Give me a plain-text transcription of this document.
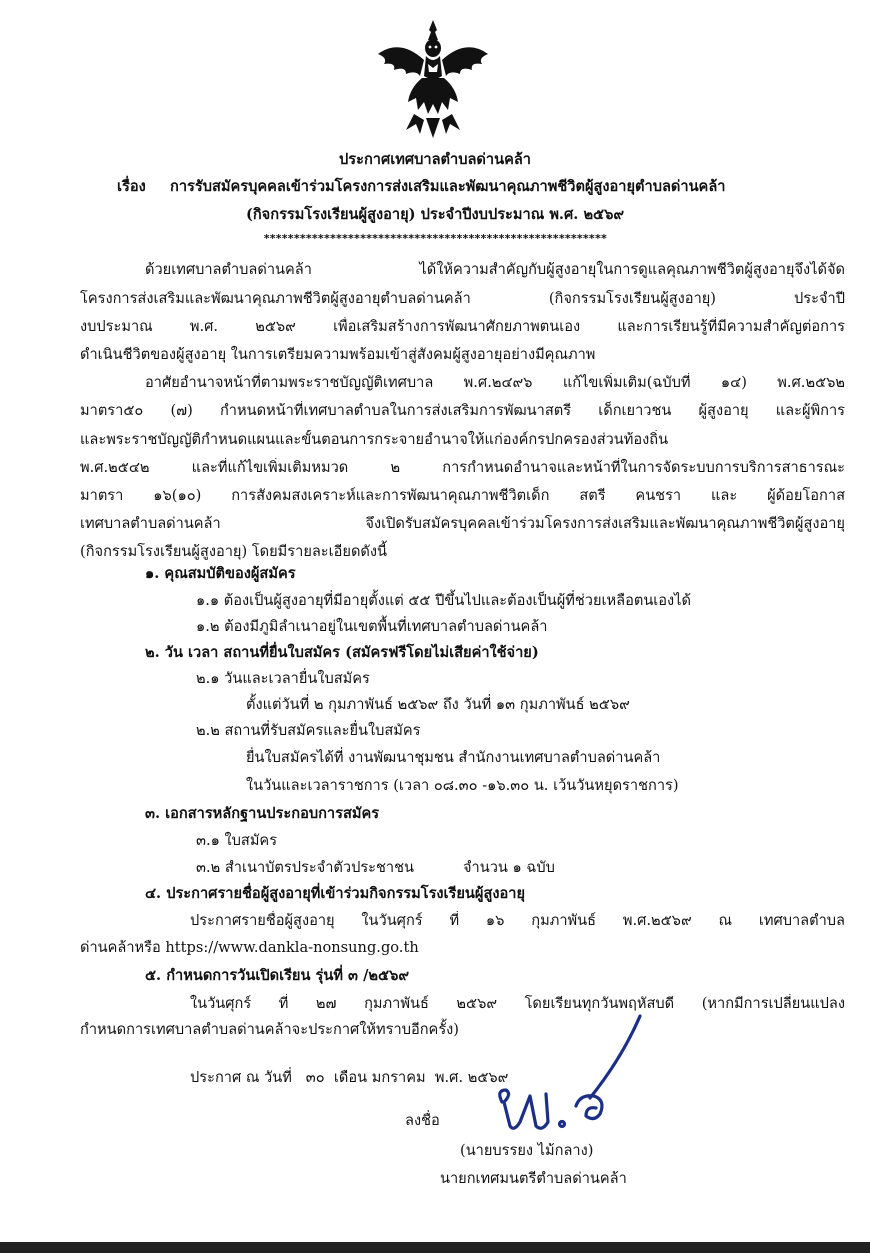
ประกาศเทศบาลตำบลด่านคล้า
เรื่อง การรับสมัครบุคคลเข้าร่วมโครงการส่งเสริมและพัฒนาคุณภาพชีวิตผู้สูงอายุตำบลด่านคล้า
(กิจกรรมโรงเรียนผู้สูงอายุ) ประจำปีงบประมาณ พ.ศ. ๒๕๖๙
*********************************************************
ด้วยเทศบาลตำบลด่านคล้า ได้ให้ความสำคัญกับผู้สูงอายุในการดูแลคุณภาพชีวิตผู้สูงอายุจึงได้จัด
โครงการส่งเสริมและพัฒนาคุณภาพชีวิตผู้สูงอายุตำบลด่านคล้า (กิจกรรมโรงเรียนผู้สูงอายุ) ประจำปี
งบประมาณ พ.ศ. ๒๕๖๙ เพื่อเสริมสร้างการพัฒนาศักยภาพตนเอง และการเรียนรู้ที่มีความสำคัญต่อการ
ดำเนินชีวิตของผู้สูงอายุ ในการเตรียมความพร้อมเข้าสู่สังคมผู้สูงอายุอย่างมีคุณภาพ
อาศัยอำนาจหน้าที่ตามพระราชบัญญัติเทศบาล พ.ศ.๒๔๙๖ แก้ไขเพิ่มเติม(ฉบับที่ ๑๔) พ.ศ.๒๕๖๒
มาตรา๕๐ (๗) กำหนดหน้าที่เทศบาลตำบลในการส่งเสริมการพัฒนาสตรี เด็กเยาวชน ผู้สูงอายุ และผู้พิการ
และพระราชบัญญัติกำหนดแผนและขั้นตอนการกระจายอำนาจให้แก่องค์กรปกครองส่วนท้องถิ่น
พ.ศ.๒๕๔๒ และที่แก้ไขเพิ่มเติมหมวด ๒ การกำหนดอำนาจและหน้าที่ในการจัดระบบการบริการสาธารณะ
มาตรา ๑๖(๑๐) การสังคมสงเคราะห์และการพัฒนาคุณภาพชีวิตเด็ก สตรี คนชรา และ ผู้ด้อยโอกาส
เทศบาลตำบลด่านคล้า จึงเปิดรับสมัครบุคคลเข้าร่วมโครงการส่งเสริมและพัฒนาคุณภาพชีวิตผู้สูงอายุ
(กิจกรรมโรงเรียนผู้สูงอายุ) โดยมีรายละเอียดดังนี้
๑. คุณสมบัติของผู้สมัคร
๑.๑ ต้องเป็นผู้สูงอายุที่มีอายุตั้งแต่ ๕๕ ปีขึ้นไปและต้องเป็นผู้ที่ช่วยเหลือตนเองได้
๑.๒ ต้องมีภูมิลำเนาอยู่ในเขตพื้นที่เทศบาลตำบลด่านคล้า
๒. วัน เวลา สถานที่ยื่นใบสมัคร (สมัครฟรีโดยไม่เสียค่าใช้จ่าย)
๒.๑ วันและเวลายื่นใบสมัคร
ตั้งแต่วันที่ ๒ กุมภาพันธ์ ๒๕๖๙ ถึง วันที่ ๑๓ กุมภาพันธ์ ๒๕๖๙
๒.๒ สถานที่รับสมัครและยื่นใบสมัคร
ยื่นใบสมัครได้ที่ งานพัฒนาชุมชน สำนักงานเทศบาลตำบลด่านคล้า
ในวันและเวลาราชการ (เวลา ๐๘.๓๐ -๑๖.๓๐ น. เว้นวันหยุดราชการ)
๓. เอกสารหลักฐานประกอบการสมัคร
๓.๑ ใบสมัคร
๓.๒ สำเนาบัตรประจำตัวประชาชน	จำนวน ๑ ฉบับ
๔. ประกาศรายชื่อผู้สูงอายุที่เข้าร่วมกิจกรรมโรงเรียนผู้สูงอายุ
ประกาศรายชื่อผู้สูงอายุ ในวันศุกร์ ที่ ๑๖ กุมภาพันธ์ พ.ศ.๒๕๖๙ ณ เทศบาลตำบล
ด่านคล้าหรือ https://www.dankla-nonsung.go.th
๕. กำหนดการวันเปิดเรียน รุ่นที่ ๓ /๒๕๖๙
ในวันศุกร์ ที่ ๒๗ กุมภาพันธ์ ๒๕๖๙ โดยเรียนทุกวันพฤหัสบดี (หากมีการเปลี่ยนแปลง
กำหนดการเทศบาลตำบลด่านคล้าจะประกาศให้ทราบอีกครั้ง)
ประกาศ ณ วันที่   ๓๐  เดือน มกราคม  พ.ศ. ๒๕๖๙
ลงชื่อ
(นายบรรยง ไม้กลาง)
นายกเทศมนตรีตำบลด่านคล้า
